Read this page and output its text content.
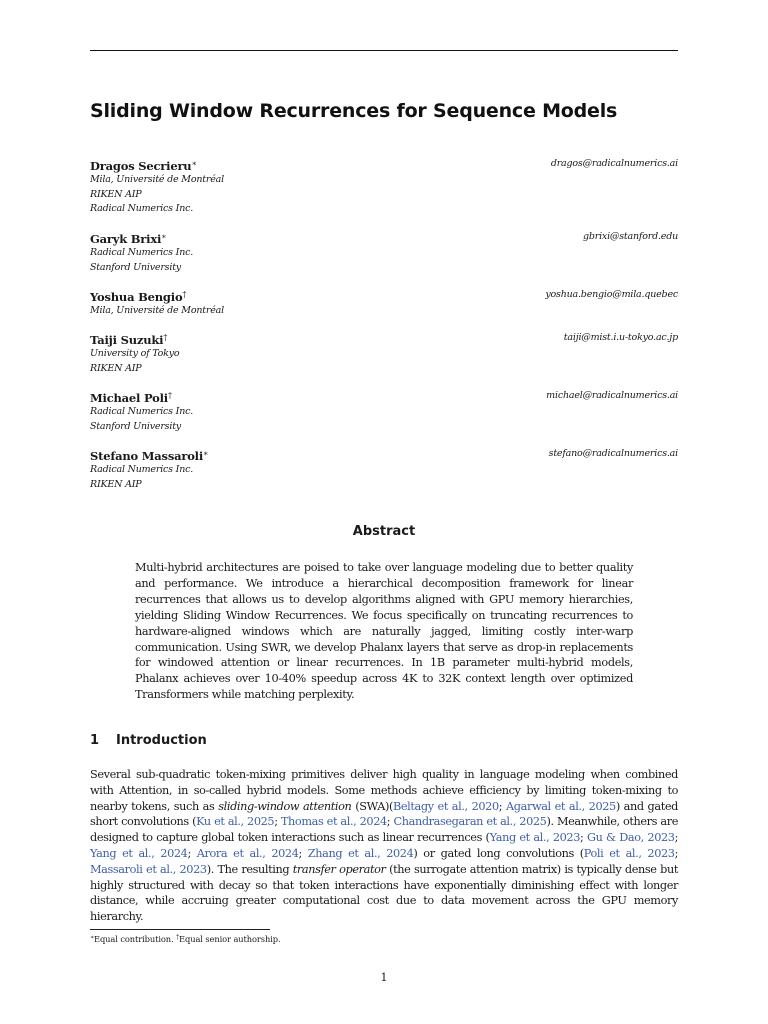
Sliding Window Recurrences for Sequence Models
Dragos Secrieru∗	dragos@radicalnumerics.ai
Mila, Université de Montréal
RIKEN AIP
Radical Numerics Inc.
Garyk Brixi∗	gbrixi@stanford.edu
Radical Numerics Inc.
Stanford University
Yoshua Bengio†	yoshua.bengio@mila.quebec
Mila, Université de Montréal
Taiji Suzuki†	taiji@mist.i.u-tokyo.ac.jp
University of Tokyo
RIKEN AIP
Michael Poli†	michael@radicalnumerics.ai
Radical Numerics Inc.
Stanford University
Stefano Massaroli∗	stefano@radicalnumerics.ai
Radical Numerics Inc.
RIKEN AIP
Abstract

Multi-hybrid architectures are poised to take over language modeling due to better quality and performance. We introduce a hierarchical decomposition framework for linear recurrences that allows us to develop algorithms aligned with GPU memory hierarchies, yielding Sliding Window Recurrences. We focus specifically on truncating recurrences to hardware-aligned windows which are naturally jagged, limiting costly inter-warp communication. Using SWR, we develop Phalanx layers that serve as drop-in replacements for windowed attention or linear recurrences. In 1B parameter multi-hybrid models, Phalanx achieves over 10-40% speedup across 4K to 32K context length over optimized Transformers while matching perplexity.

1 Introduction

Several sub-quadratic token-mixing primitives deliver high quality in language modeling when combined with Attention, in so-called hybrid models. Some methods achieve efficiency by limiting token-mixing to nearby tokens, such as sliding-window attention (SWA)(Beltagy et al., 2020; Agarwal et al., 2025) and gated short convolutions (Ku et al., 2025; Thomas et al., 2024; Chandrasegaran et al., 2025). Meanwhile, others are designed to capture global token interactions such as linear recurrences (Yang et al., 2023; Gu & Dao, 2023; Yang et al., 2024; Arora et al., 2024; Zhang et al., 2024) or gated long convolutions (Poli et al., 2023; Massaroli et al., 2023). The resulting transfer operator (the surrogate attention matrix) is typically dense but highly structured with decay so that token interactions have exponentially diminishing effect with longer distance, while accruing greater computational cost due to data movement across the GPU memory hierarchy.

∗Equal contribution. †Equal senior authorship.
1
